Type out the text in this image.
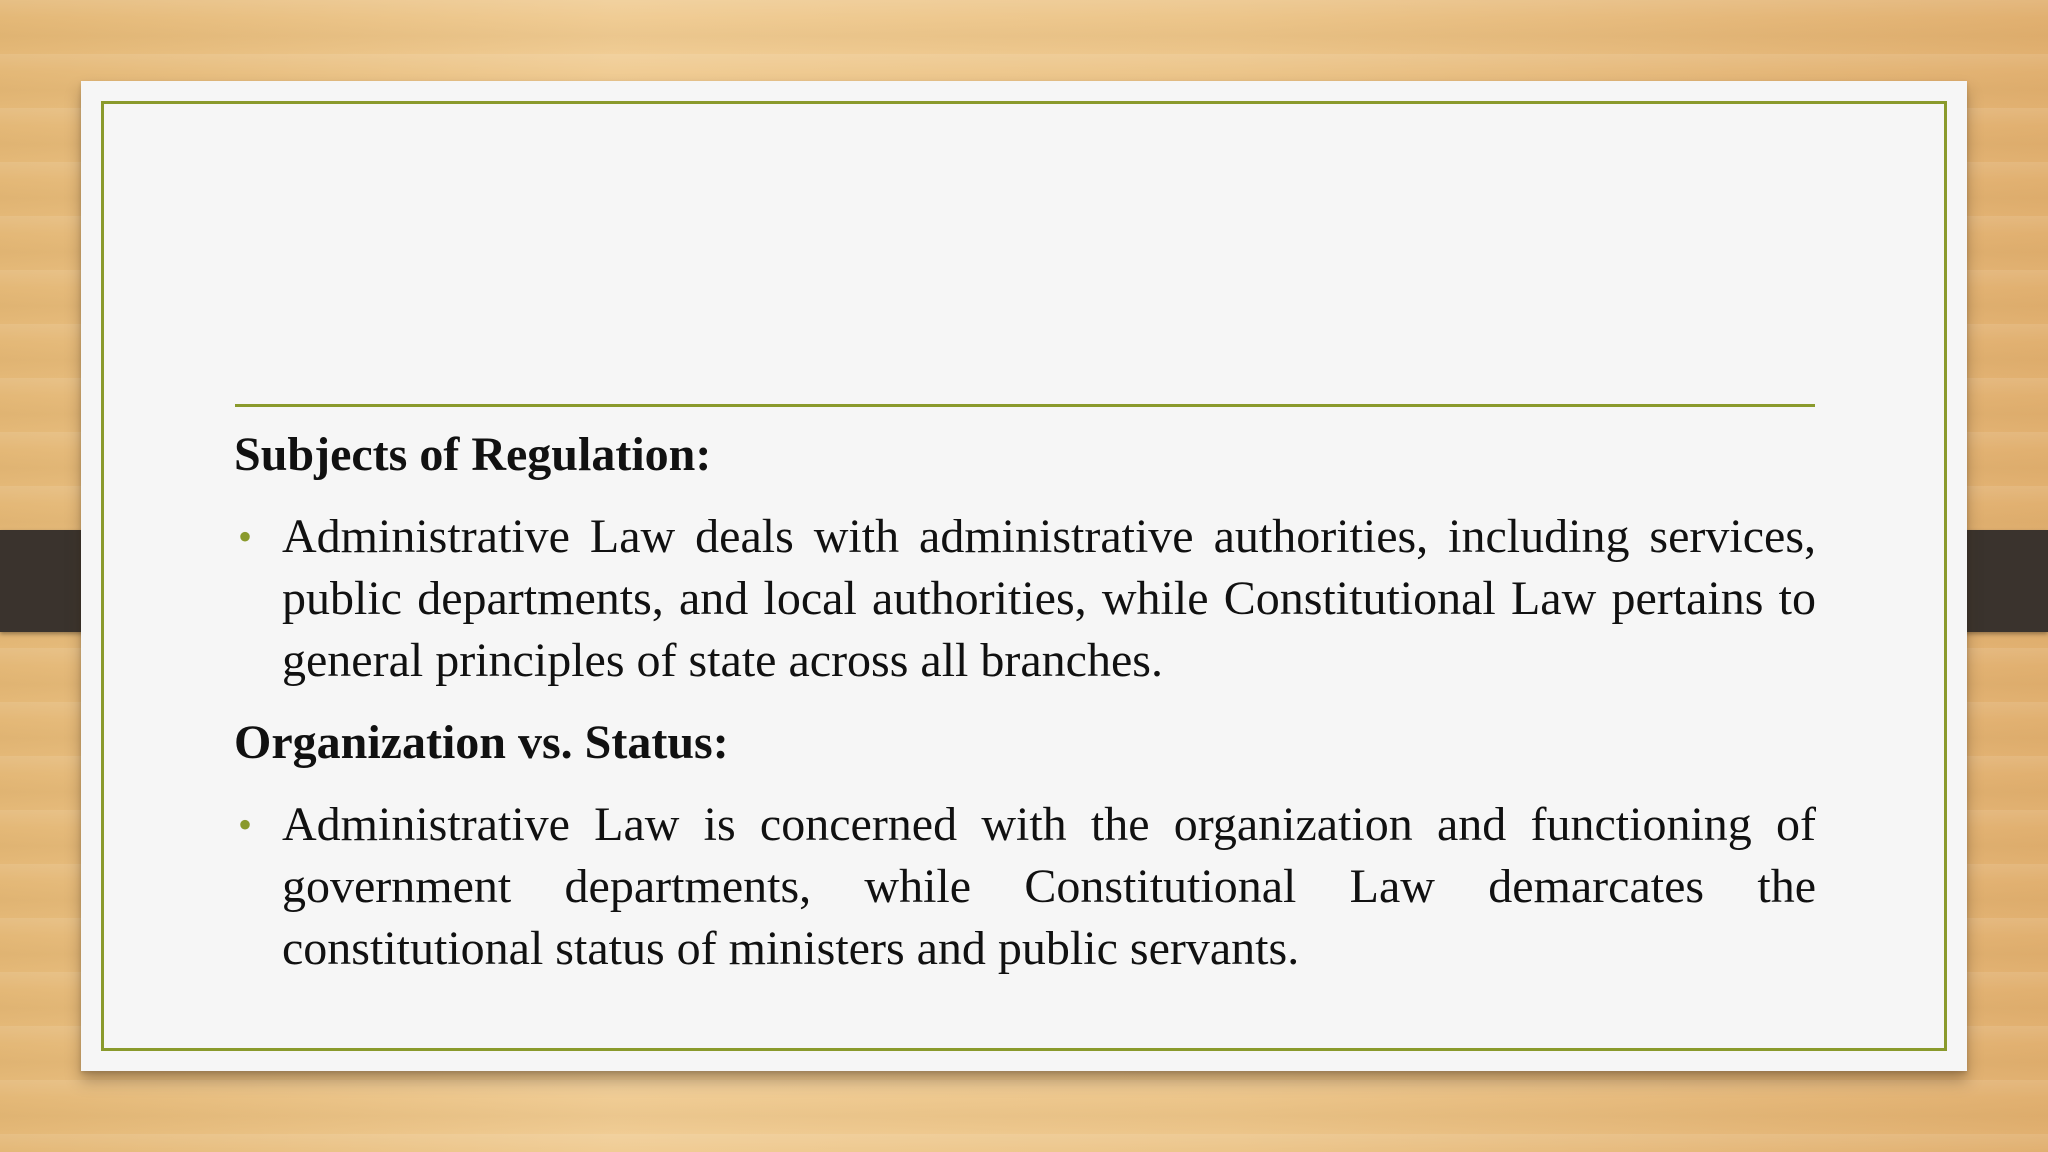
Subjects of Regulation:
• Administrative Law deals with administrative authorities, including services, public departments, and local authorities, while Constitutional Law pertains to general principles of state across all branches.
Organization vs. Status:
• Administrative Law is concerned with the organization and functioning of government departments, while Constitutional Law demarcates the constitutional status of ministers and public servants.
